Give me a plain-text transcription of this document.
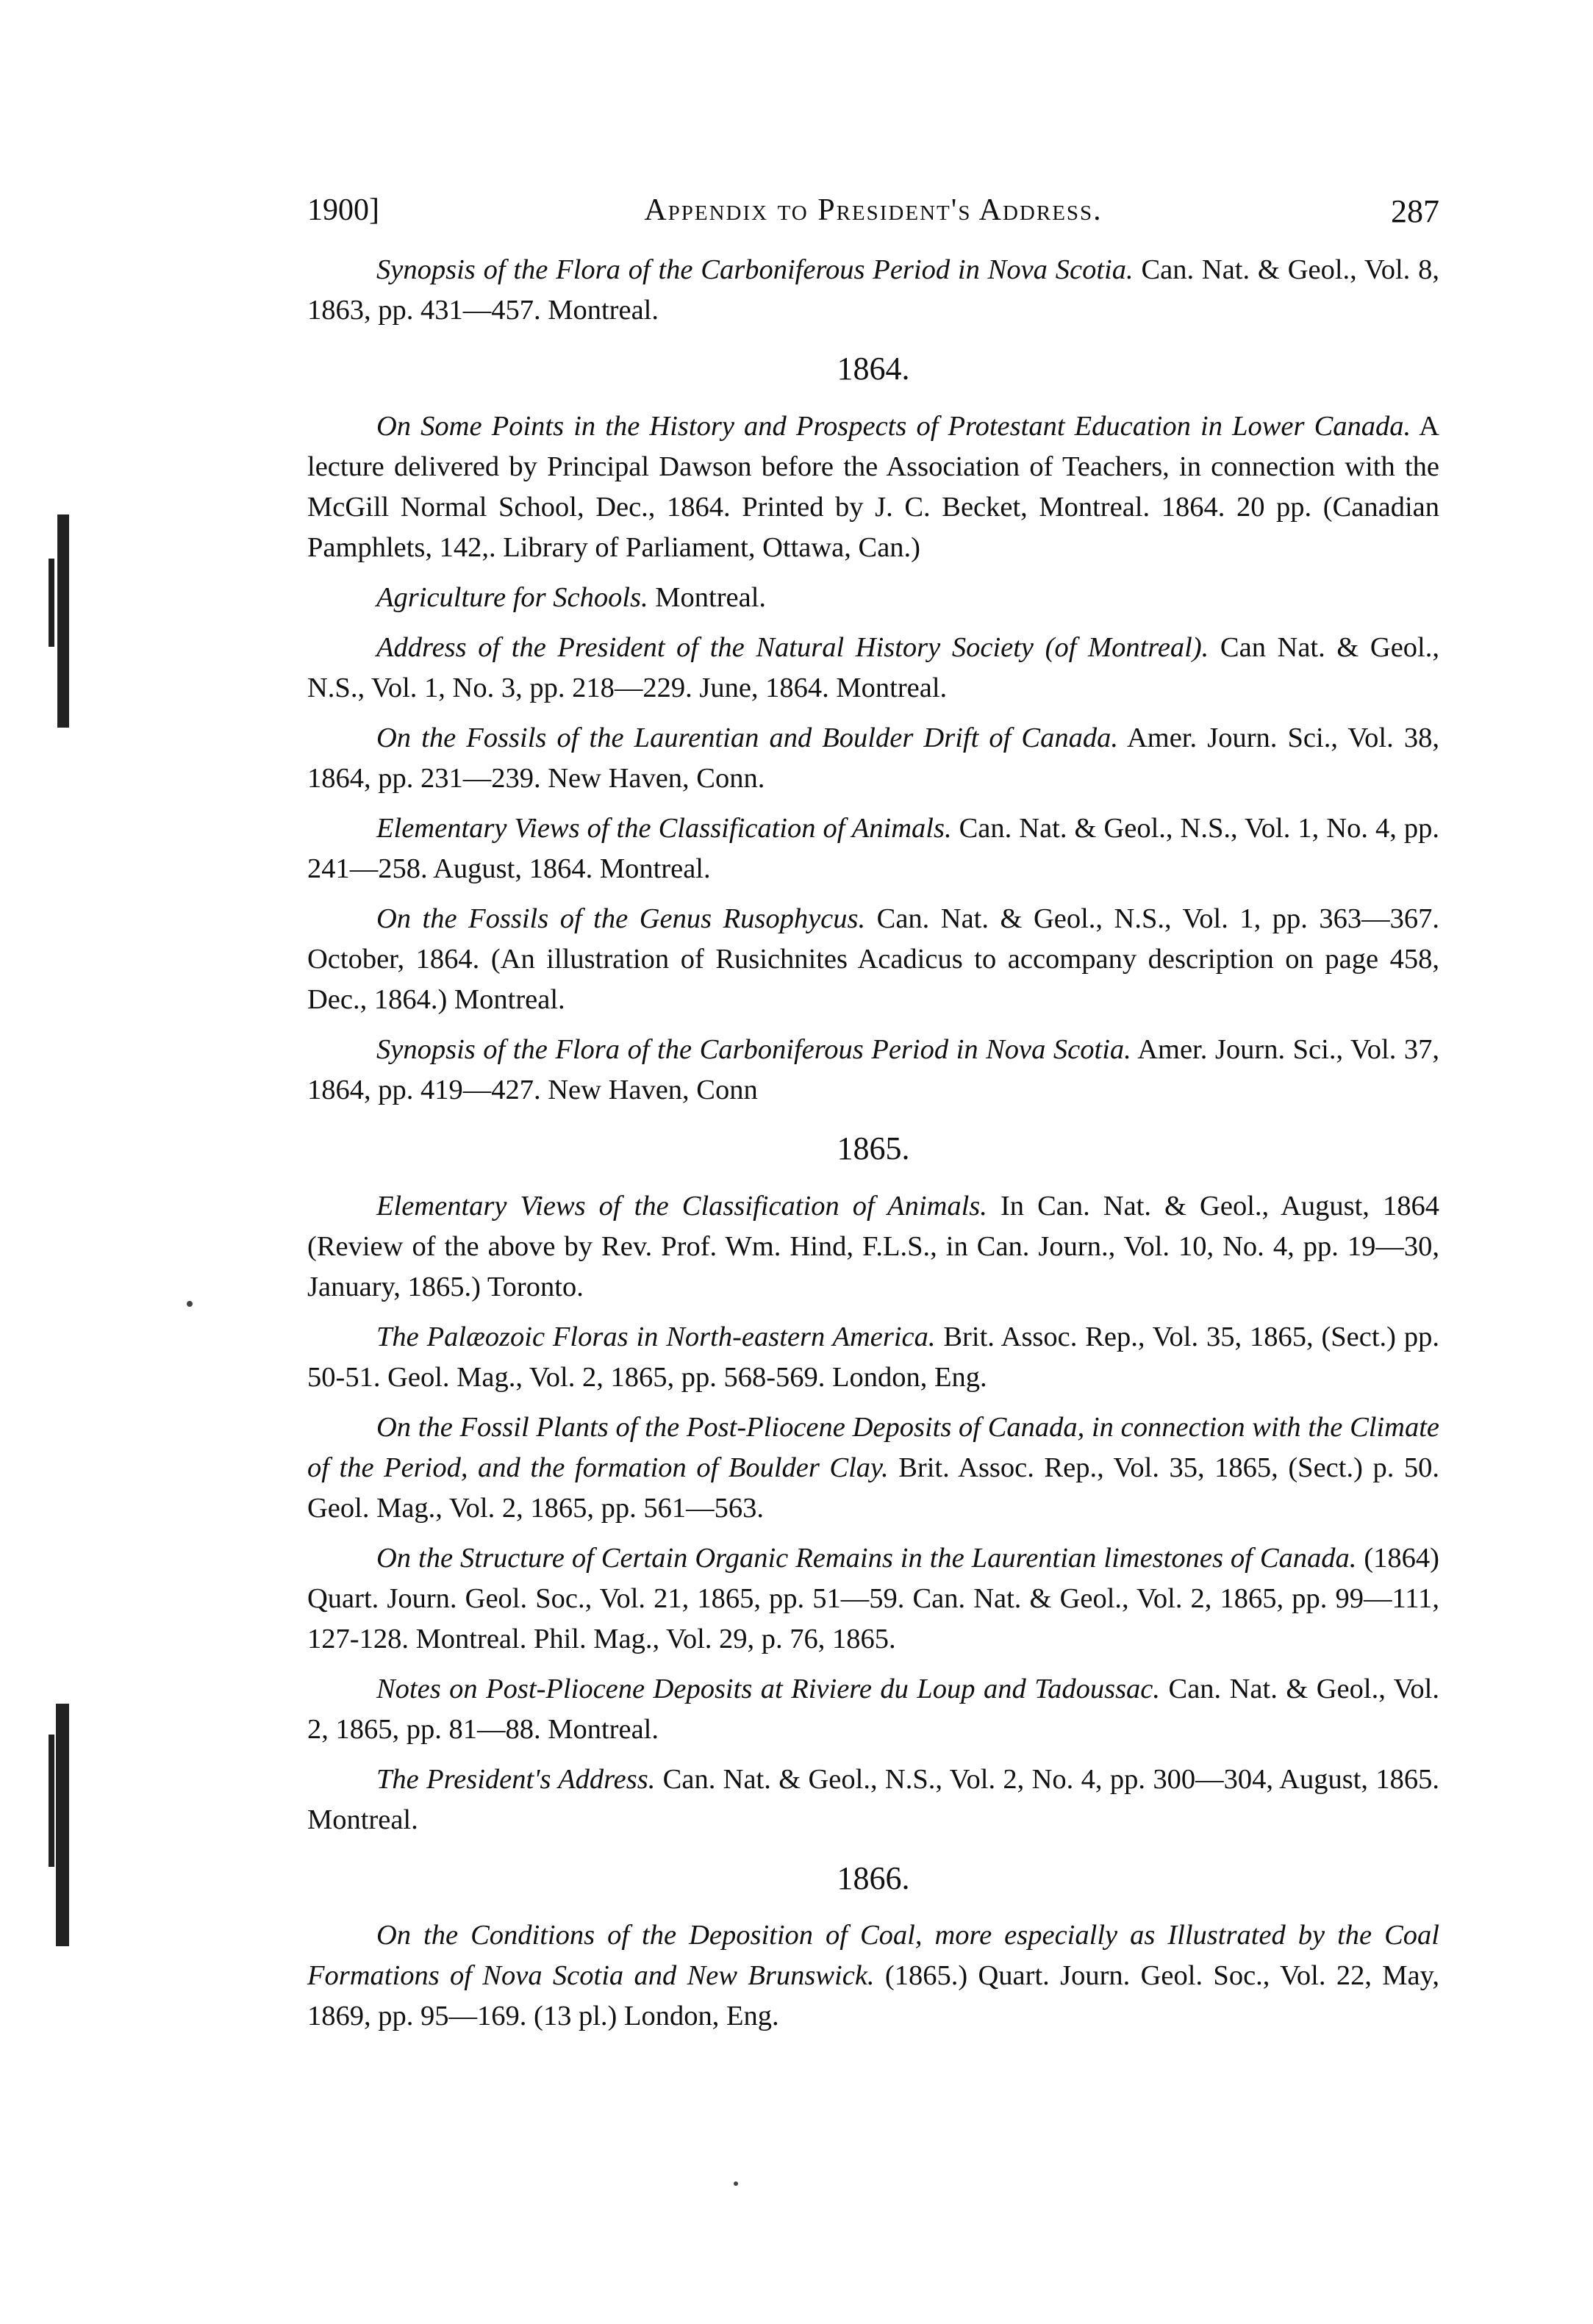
1900]	Appendix to President's Address.	287

Synopsis of the Flora of the Carboniferous Period in Nova Scotia. Can. Nat. & Geol., Vol. 8, 1863, pp. 431—457. Montreal.

1864.

On Some Points in the History and Prospects of Protestant Education in Lower Canada. A lecture delivered by Principal Dawson before the Association of Teachers, in connection with the McGill Normal School, Dec., 1864. Printed by J. C. Becket, Montreal. 1864. 20 pp. (Canadian Pamphlets, 142,. Library of Parliament, Ottawa, Can.)

Agriculture for Schools. Montreal.

Address of the President of the Natural History Society (of Montreal). Can Nat. & Geol., N.S., Vol. 1, No. 3, pp. 218—229. June, 1864. Montreal.

On the Fossils of the Laurentian and Boulder Drift of Canada. Amer. Journ. Sci., Vol. 38, 1864, pp. 231—239. New Haven, Conn.

Elementary Views of the Classification of Animals. Can. Nat. & Geol., N.S., Vol. 1, No. 4, pp. 241—258. August, 1864. Montreal.

On the Fossils of the Genus Rusophycus. Can. Nat. & Geol., N.S., Vol. 1, pp. 363—367. October, 1864. (An illustration of Rusichnites Acadicus to accompany description on page 458, Dec., 1864.) Montreal.

Synopsis of the Flora of the Carboniferous Period in Nova Scotia. Amer. Journ. Sci., Vol. 37, 1864, pp. 419—427. New Haven, Conn

1865.

Elementary Views of the Classification of Animals. In Can. Nat. & Geol., August, 1864 (Review of the above by Rev. Prof. Wm. Hind, F.L.S., in Can. Journ., Vol. 10, No. 4, pp. 19—30, January, 1865.) Toronto.

The Palæozoic Floras in North-eastern America. Brit. Assoc. Rep., Vol. 35, 1865, (Sect.) pp. 50-51. Geol. Mag., Vol. 2, 1865, pp. 568-569. London, Eng.

On the Fossil Plants of the Post-Pliocene Deposits of Canada, in connection with the Climate of the Period, and the formation of Boulder Clay. Brit. Assoc. Rep., Vol. 35, 1865, (Sect.) p. 50. Geol. Mag., Vol. 2, 1865, pp. 561—563.

On the Structure of Certain Organic Remains in the Laurentian limestones of Canada. (1864) Quart. Journ. Geol. Soc., Vol. 21, 1865, pp. 51—59. Can. Nat. & Geol., Vol. 2, 1865, pp. 99—111, 127-128. Montreal. Phil. Mag., Vol. 29, p. 76, 1865.

Notes on Post-Pliocene Deposits at Riviere du Loup and Tadoussac. Can. Nat. & Geol., Vol. 2, 1865, pp. 81—88. Montreal.

The President's Address. Can. Nat. & Geol., N.S., Vol. 2, No. 4, pp. 300—304, August, 1865. Montreal.

1866.

On the Conditions of the Deposition of Coal, more especially as Illustrated by the Coal Formations of Nova Scotia and New Brunswick. (1865.) Quart. Journ. Geol. Soc., Vol. 22, May, 1869, pp. 95—169. (13 pl.) London, Eng.
